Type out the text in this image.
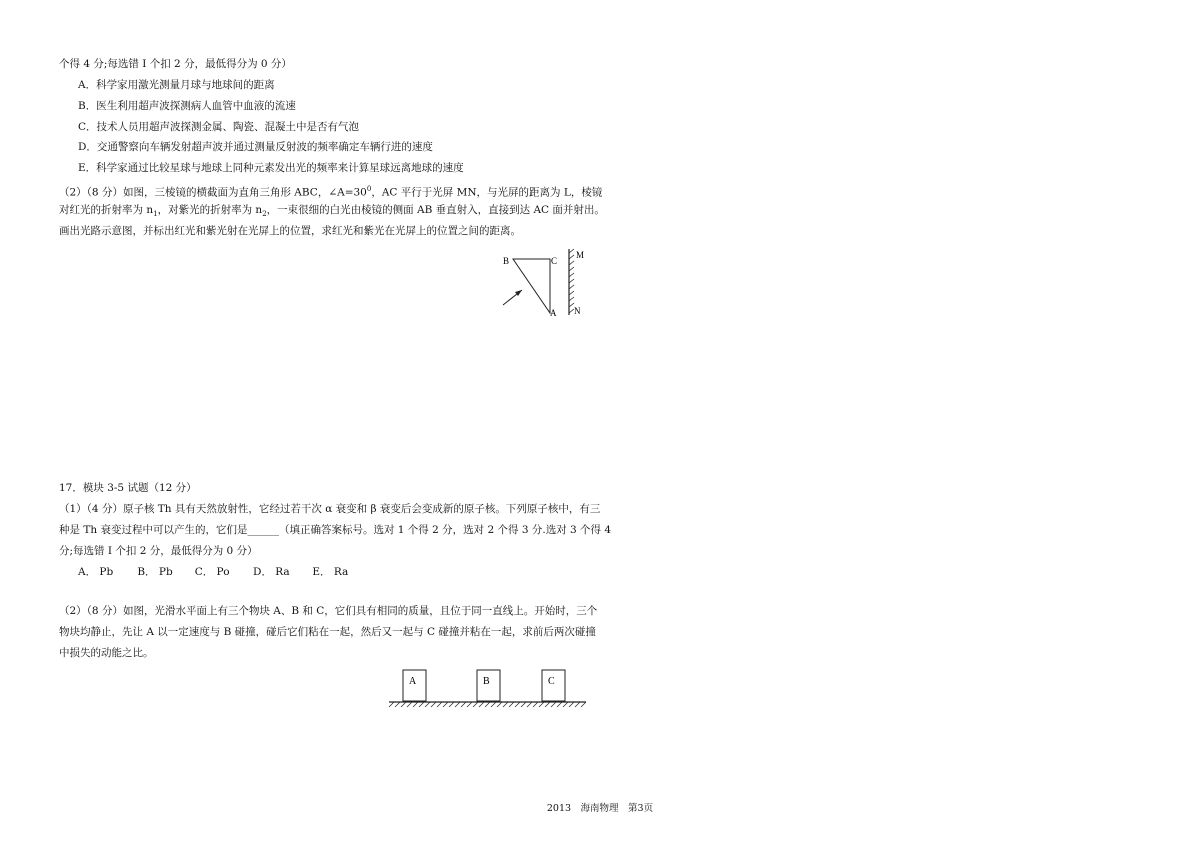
个得 4 分;每选错 I 个扣 2 分，最低得分为 0 分）
A．科学家用激光测量月球与地球间的距离
B．医生利用超声波探测病人血管中血液的流速
C．技术人员用超声波探测金属、陶瓷、混凝土中是否有气泡
D．交通警察向车辆发射超声波并通过测量反射波的频率确定车辆行进的速度
E．科学家通过比较星球与地球上同种元素发出光的频率来计算星球远离地球的速度
（2）（8 分）如图，三棱镜的横截面为直角三角形 ABC，$\angle A=30^0$，AC 平行于光屏 MN，与光屏的距离为 L，棱镜
对红光的折射率为 $n_1$，对紫光的折射率为 $n_2$，一束很细的白光由棱镜的侧面 AB 垂直射入，直接到达 AC 面并射出。
画出光路示意图，并标出红光和紫光射在光屏上的位置，求红光和紫光在光屏上的位置之间的距离。
B	C
A
M
N
17．模块 3-5 试题（12 分）
（1）（4 分）原子核 Th 具有天然放射性，它经过若干次 α 衰变和 β 衰变后会变成新的原子核。下列原子核中，有三
种是 Th 衰变过程中可以产生的，它们是______（填正确答案标号。选对 1 个得 2 分，选对 2 个得 3 分.选对 3 个得 4
分;每选错 I 个扣 2 分，最低得分为 0 分）
A． Pb B． Pb C． Po D． Ra E． Ra
（2）（8 分）如图，光滑水平面上有三个物块 A、B 和 C，它们具有相同的质量，且位于同一直线上。开始时，三个
物块均静止，先让 A 以一定速度与 B 碰撞，碰后它们粘在一起，然后又一起与 C 碰撞并粘在一起，求前后两次碰撞
中损失的动能之比。
A	B	C
2013　海南物理　第3页
